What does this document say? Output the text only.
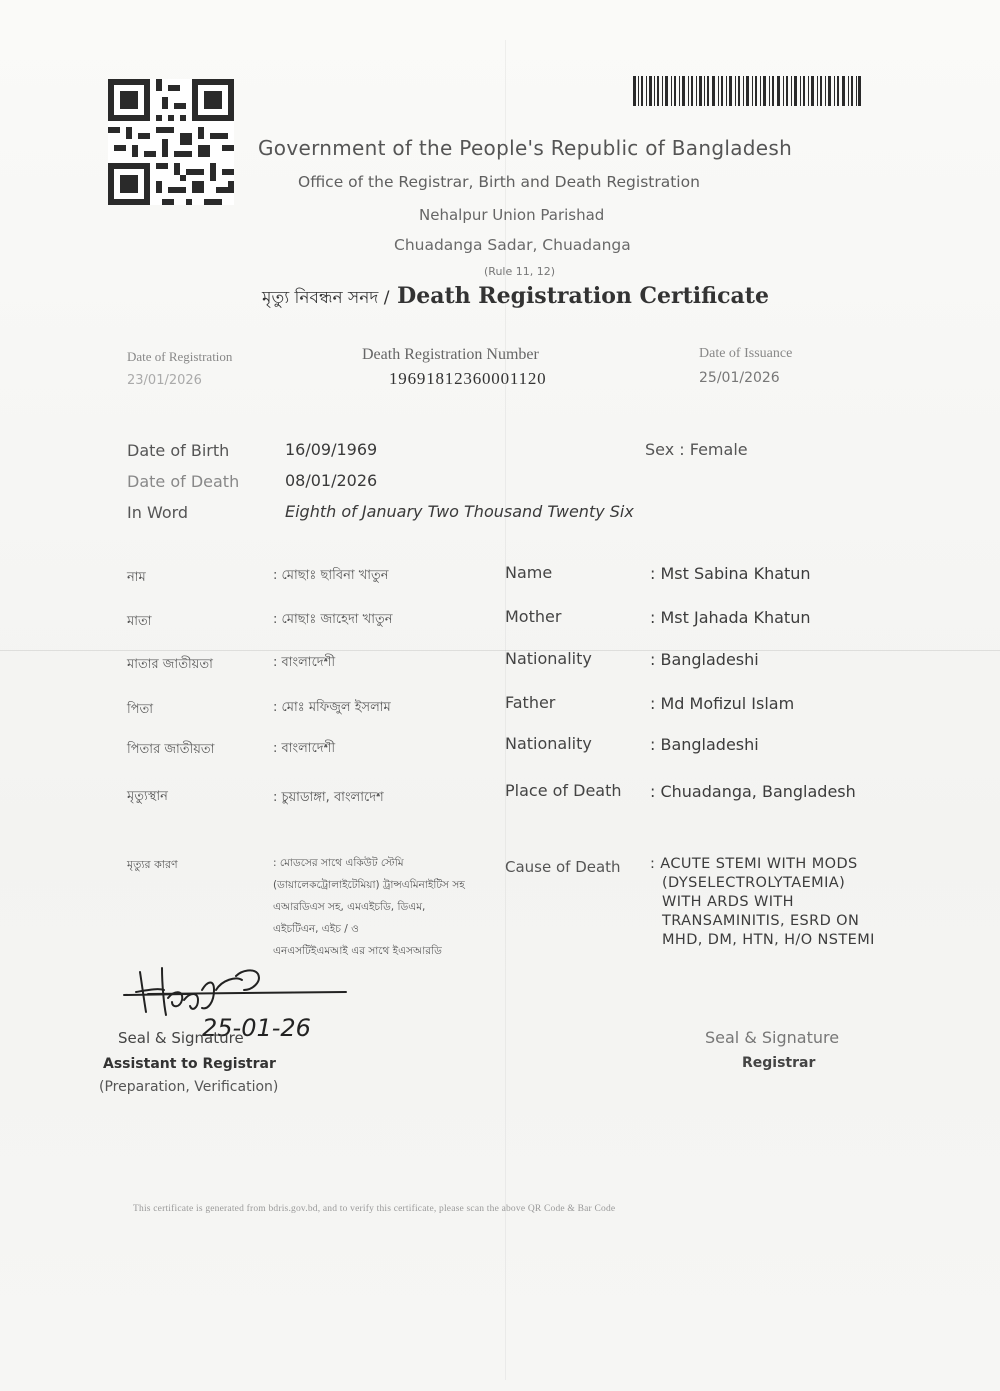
Government of the People's Republic of Bangladesh
Office of the Registrar, Birth and Death Registration
Nehalpur Union Parishad
Chuadanga Sadar, Chuadanga
(Rule 11, 12)
মৃত্যু নিবন্ধন সনদ / Death Registration Certificate
Date of Registration
23/01/2026
Death Registration Number
19691812360001120
Date of Issuance
25/01/2026
Date of Birth	16/09/1969	Sex : Female
Date of Death	08/01/2026
In Word	Eighth of January Two Thousand Twenty Six
নাম	: মোছাঃ ছাবিনা খাতুন
মাতা	: মোছাঃ জাহেদা খাতুন
মাতার জাতীয়তা	: বাংলাদেশী
পিতা	: মোঃ মফিজুল ইসলাম
পিতার জাতীয়তা	: বাংলাদেশী
মৃত্যুস্থান	: চুয়াডাঙ্গা, বাংলাদেশ
মৃত্যুর কারণ	: মোডসের সাথে একিউট স্টেমি
(ডায়ালেকট্রোলাইটেমিয়া) ট্রান্সএমিনাইটিস সহ
এআরডিএস সহ, এমএইচডি, ডিএম,
এইচটিএন, এইচ / ও
এনএসটিইএমআই এর সাথে ইএসআরডি
Name	: Mst Sabina Khatun
Mother	: Mst Jahada Khatun
Nationality	: Bangladeshi
Father	: Md Mofizul Islam
Nationality	: Bangladeshi
Place of Death : Chuadanga, Bangladesh
Cause of Death : ACUTE STEMI WITH MODS
(DYSELECTROLYTAEMIA)
WITH ARDS WITH
TRANSAMINITIS, ESRD ON
MHD, DM, HTN, H/O NSTEMI
25-01-26
Seal & Signature
Assistant to Registrar
(Preparation, Verification)
Seal & Signature
Registrar
This certificate is generated from bdris.gov.bd, and to verify this certificate, please scan the above QR Code & Bar Code
